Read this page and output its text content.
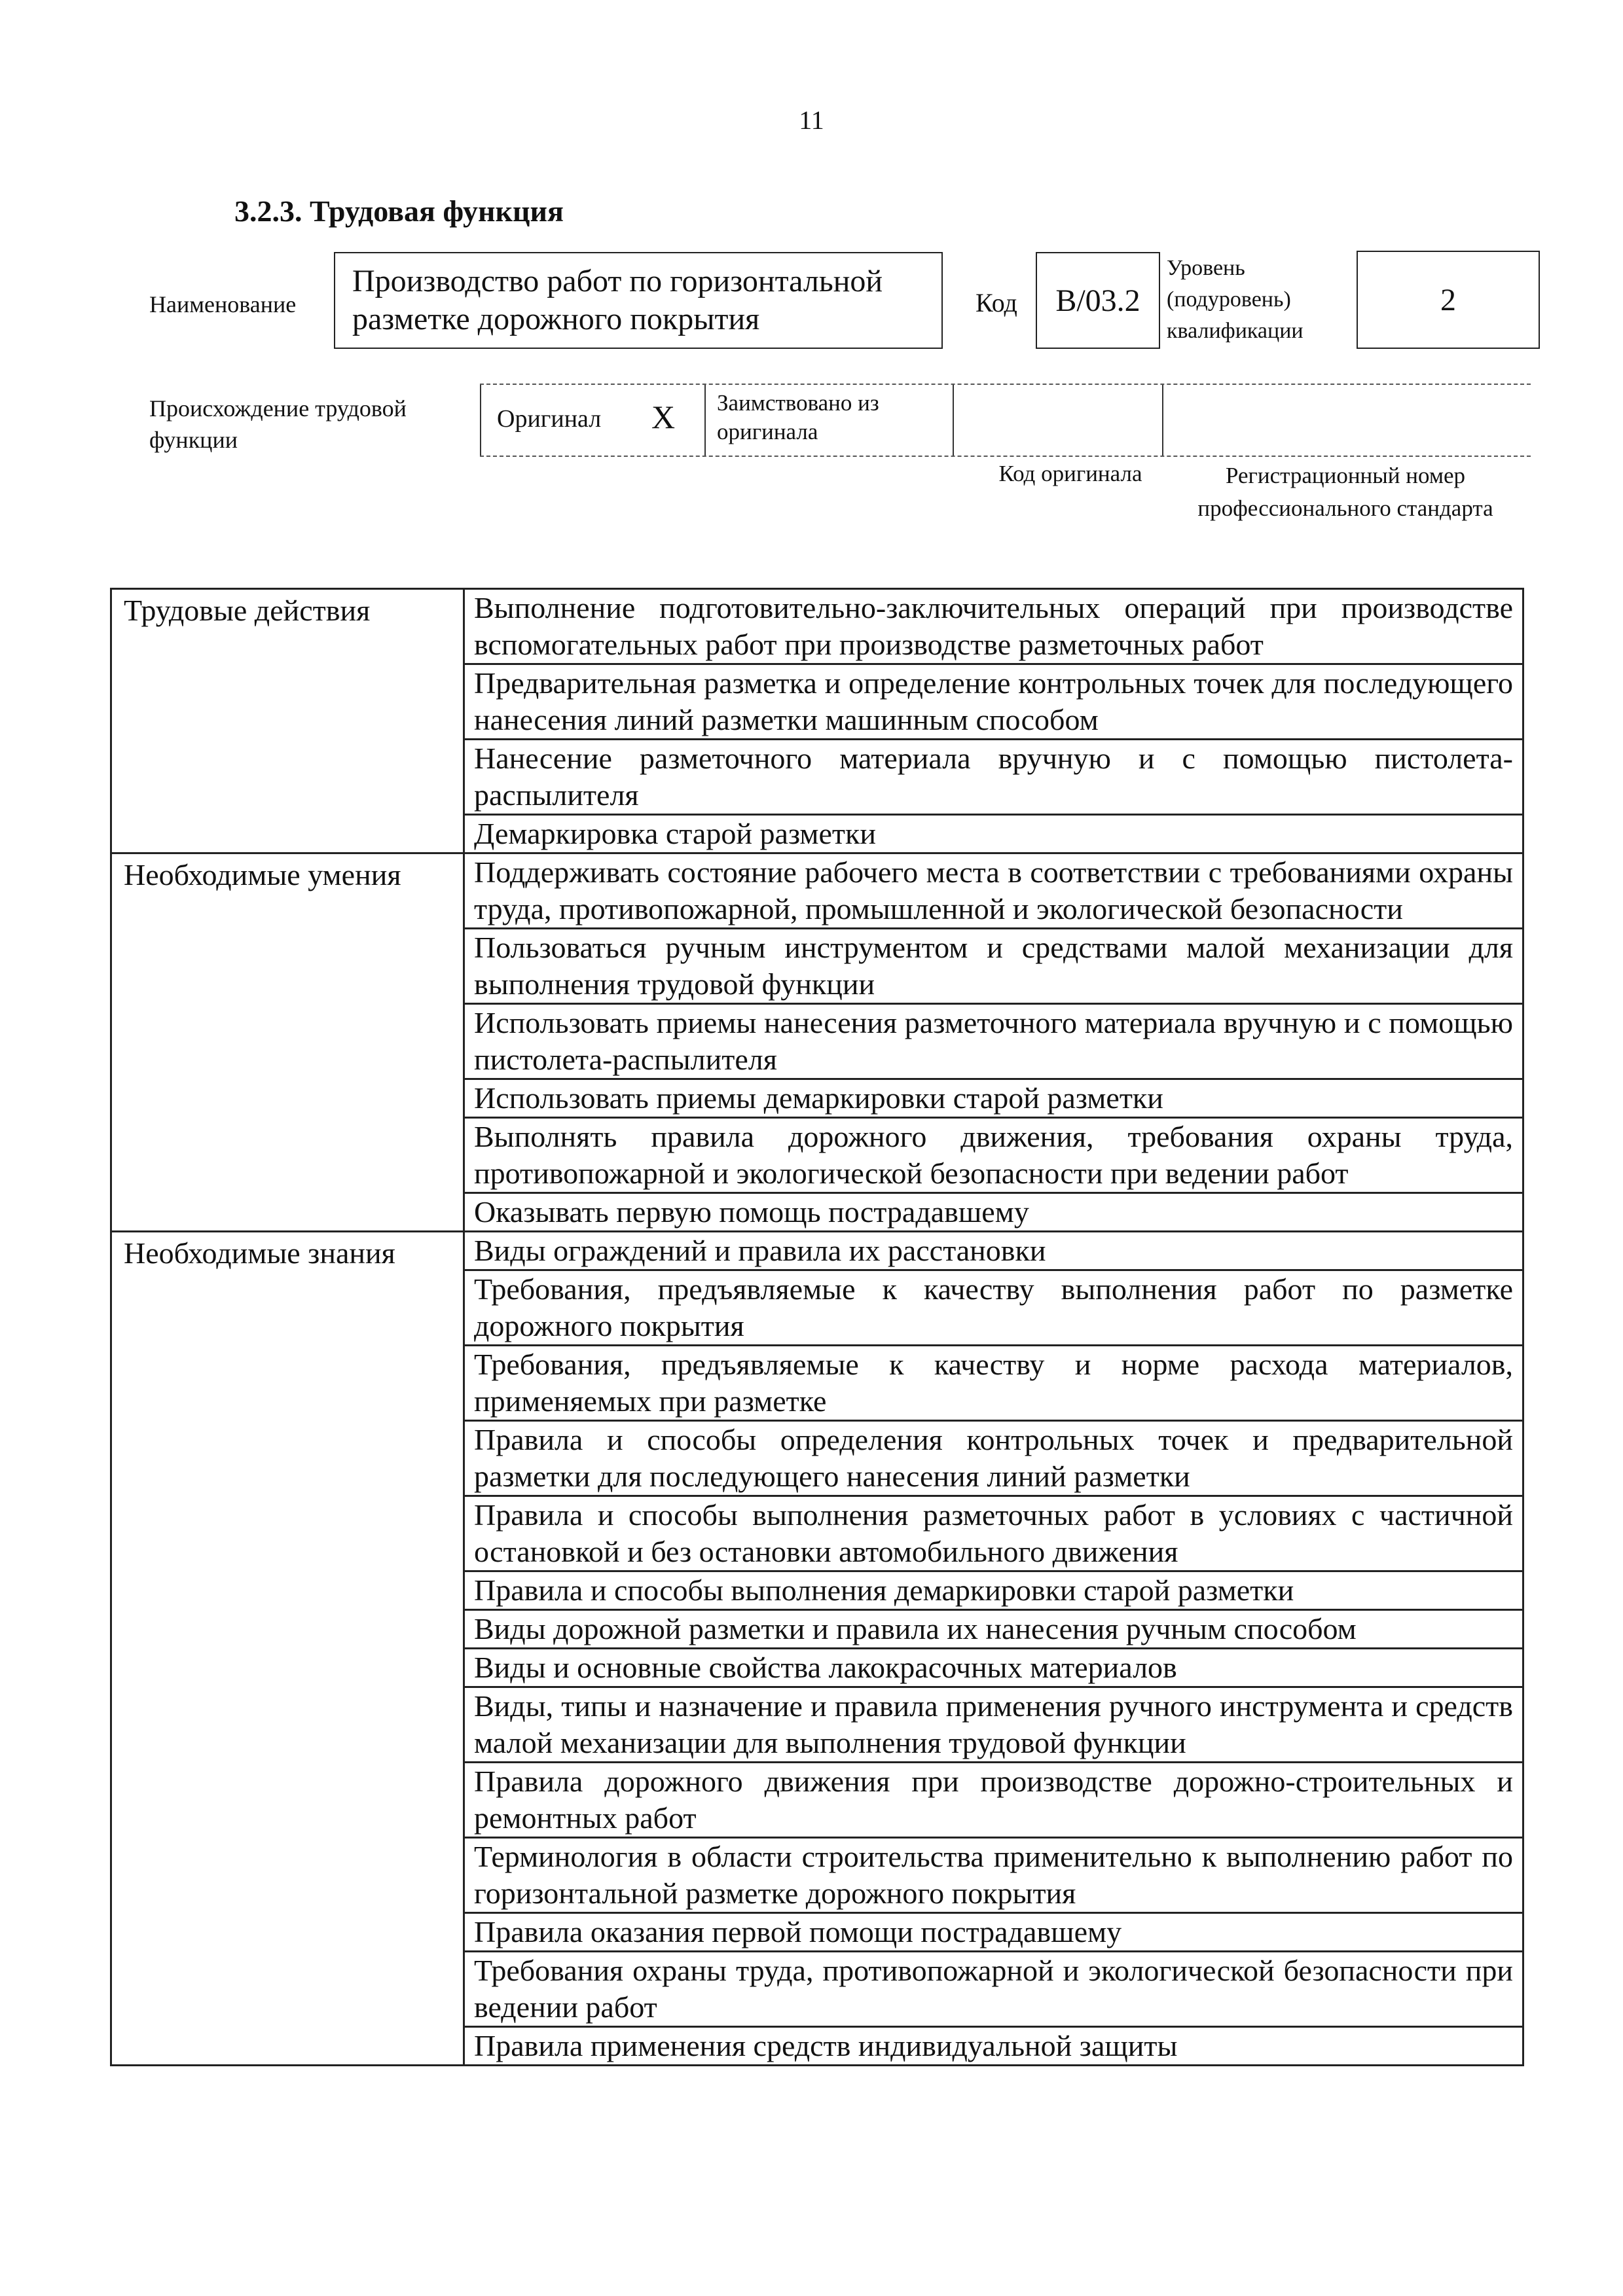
11
3.2.3. Трудовая функция
Наименование
Производство работ по горизонтальной разметке дорожного покрытия	Код В/03.2
Уровень (подуровень) квалификации
2
Происхождение трудовой функции
Оригинал X Заимствовано из оригинала
Код оригинала	Регистрационный номер профессионального стандарта
Трудовые действия	Выполнение подготовительно-заключительных операций при производстве вспомогательных работ при производстве разметочных работ
	Предварительная разметка и определение контрольных точек для последующего нанесения линий разметки машинным способом
	Нанесение разметочного материала вручную и с помощью пистолета-распылителя
	Демаркировка старой разметки
Необходимые умения	Поддерживать состояние рабочего места в соответствии с требованиями охраны труда, противопожарной, промышленной и экологической безопасности
	Пользоваться ручным инструментом и средствами малой механизации для выполнения трудовой функции
	Использовать приемы нанесения разметочного материала вручную и с помощью пистолета-распылителя
	Использовать приемы демаркировки старой разметки
	Выполнять правила дорожного движения, требования охраны труда, противопожарной и экологической безопасности при ведении работ
	Оказывать первую помощь пострадавшему
Необходимые знания	Виды ограждений и правила их расстановки
	Требования, предъявляемые к качеству выполнения работ по разметке дорожного покрытия
	Требования, предъявляемые к качеству и норме расхода материалов, применяемых при разметке
	Правила и способы определения контрольных точек и предварительной разметки для последующего нанесения линий разметки
	Правила и способы выполнения разметочных работ в условиях с частичной остановкой и без остановки автомобильного движения
	Правила и способы выполнения демаркировки старой разметки
	Виды дорожной разметки и правила их нанесения ручным способом
	Виды и основные свойства лакокрасочных материалов
	Виды, типы и назначение и правила применения ручного инструмента и средств малой механизации для выполнения трудовой функции
	Правила дорожного движения при производстве дорожно-строительных и ремонтных работ
	Терминология в области строительства применительно к выполнению работ по горизонтальной разметке дорожного покрытия
	Правила оказания первой помощи пострадавшему
	Требования охраны труда, противопожарной и экологической безопасности при ведении работ
	Правила применения средств индивидуальной защиты
